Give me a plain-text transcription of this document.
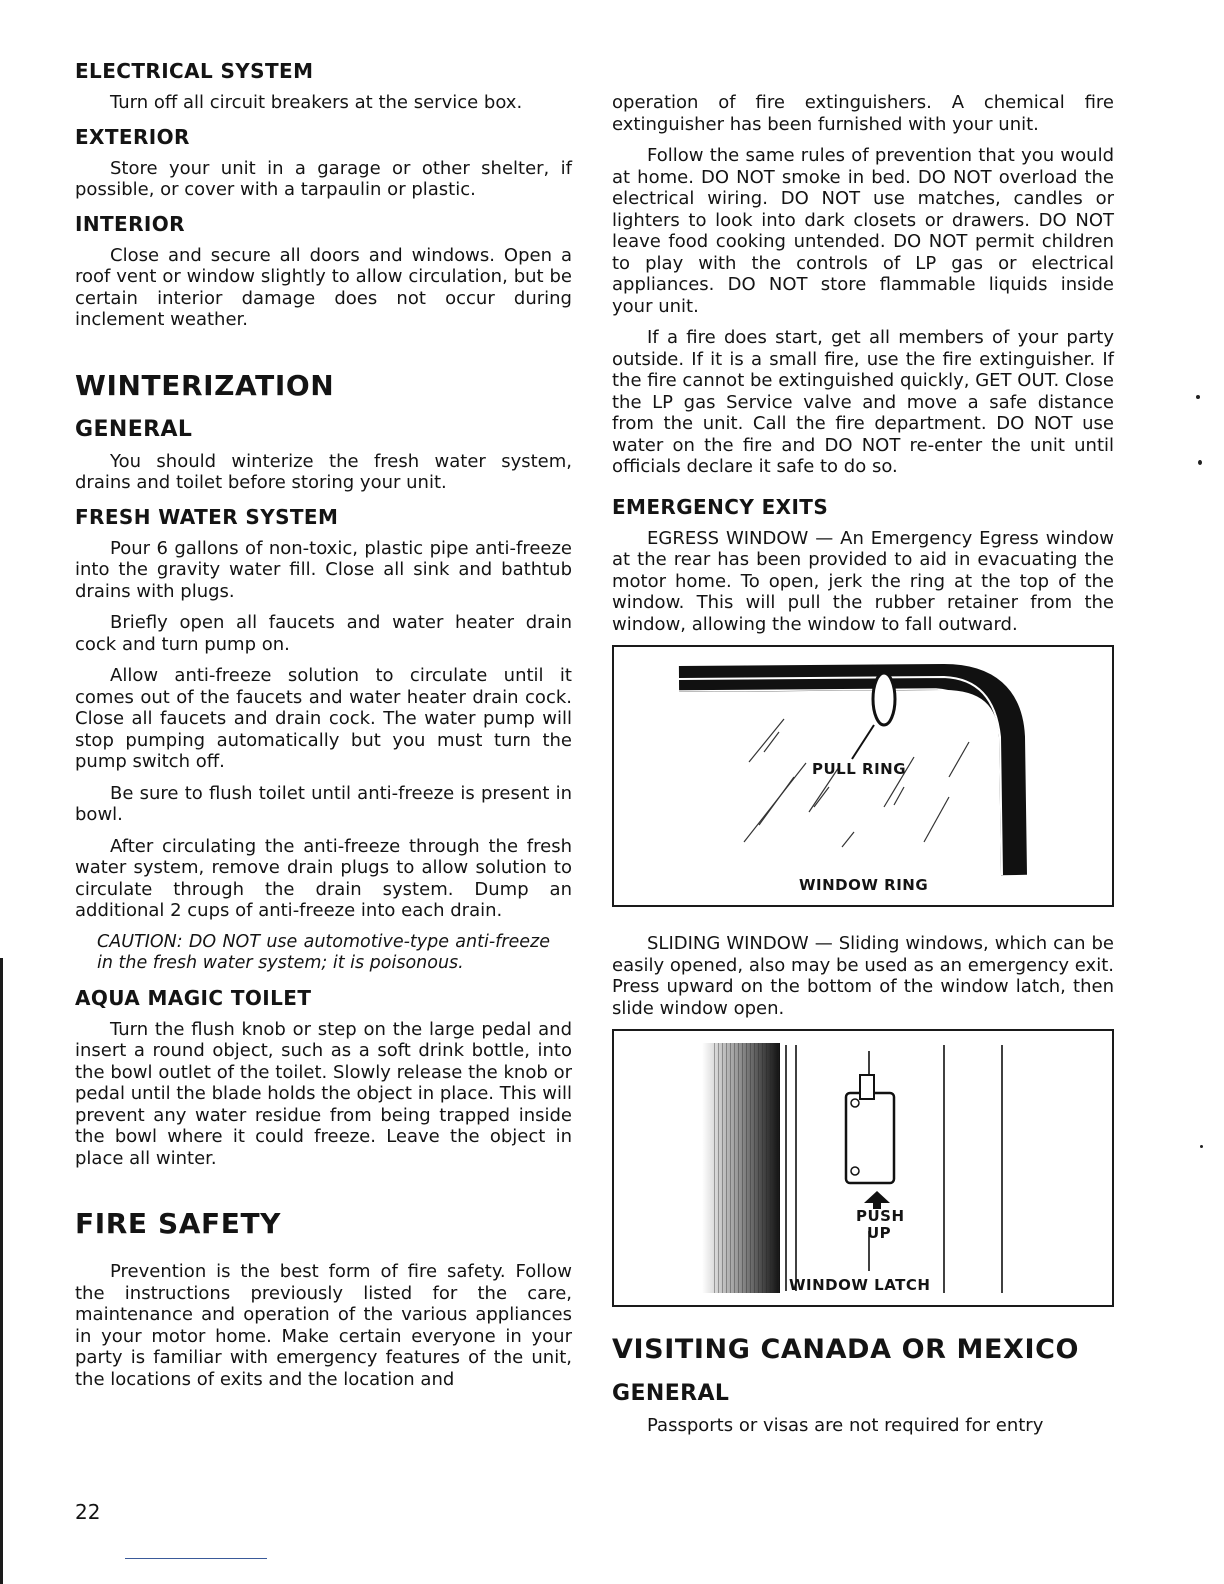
ELECTRICAL SYSTEM

Turn off all circuit breakers at the service box.

EXTERIOR

Store your unit in a garage or other shelter, if possible, or cover with a tarpaulin or plastic.

INTERIOR

Close and secure all doors and windows. Open a roof vent or window slightly to allow circulation, but be certain interior damage does not occur during inclement weather.

WINTERIZATION
GENERAL

You should winterize the fresh water system, drains and toilet before storing your unit.

FRESH WATER SYSTEM

Pour 6 gallons of non-toxic, plastic pipe anti-freeze into the gravity water fill. Close all sink and bathtub drains with plugs.

Briefly open all faucets and water heater drain cock and turn pump on.

Allow anti-freeze solution to circulate until it comes out of the faucets and water heater drain cock. Close all faucets and drain cock. The water pump will stop pumping automatically but you must turn the pump switch off.

Be sure to flush toilet until anti-freeze is present in bowl.

After circulating the anti-freeze through the fresh water system, remove drain plugs to allow solution to circulate through the drain system. Dump an additional 2 cups of anti-freeze into each drain.

CAUTION: DO NOT use automotive-type anti-freeze in the fresh water system; it is poisonous.

AQUA MAGIC TOILET

Turn the flush knob or step on the large pedal and insert a round object, such as a soft drink bottle, into the bowl outlet of the toilet. Slowly release the knob or pedal until the blade holds the object in place. This will prevent any water residue from being trapped inside the bowl where it could freeze. Leave the object in place all winter.

FIRE SAFETY

Prevention is the best form of fire safety. Follow the instructions previously listed for the care, maintenance and operation of the various appliances in your motor home. Make certain everyone in your party is familiar with emergency features of the unit, the locations of exits and the location and

operation of fire extinguishers. A chemical fire extinguisher has been furnished with your unit.

Follow the same rules of prevention that you would at home. DO NOT smoke in bed. DO NOT overload the electrical wiring. DO NOT use matches, candles or lighters to look into dark closets or drawers. DO NOT leave food cooking untended. DO NOT permit children to play with the controls of LP gas or electrical appliances. DO NOT store flammable liquids inside your unit.

If a fire does start, get all members of your party outside. If it is a small fire, use the fire extinguisher. If the fire cannot be extinguished quickly, GET OUT. Close the LP gas Service valve and move a safe distance from the unit. Call the fire department. DO NOT use water on the fire and DO NOT re-enter the unit until officials declare it safe to do so.

EMERGENCY EXITS

EGRESS WINDOW — An Emergency Egress window at the rear has been provided to aid in evacuating the motor home. To open, jerk the ring at the top of the window. This will pull the rubber retainer from the window, allowing the window to fall outward.

PULL RING
WINDOW RING

SLIDING WINDOW — Sliding windows, which can be easily opened, also may be used as an emergency exit. Press upward on the bottom of the window latch, then slide window open.

PUSH
UP
WINDOW LATCH
VISITING CANADA OR MEXICO
GENERAL

Passports or visas are not required for entry

22
